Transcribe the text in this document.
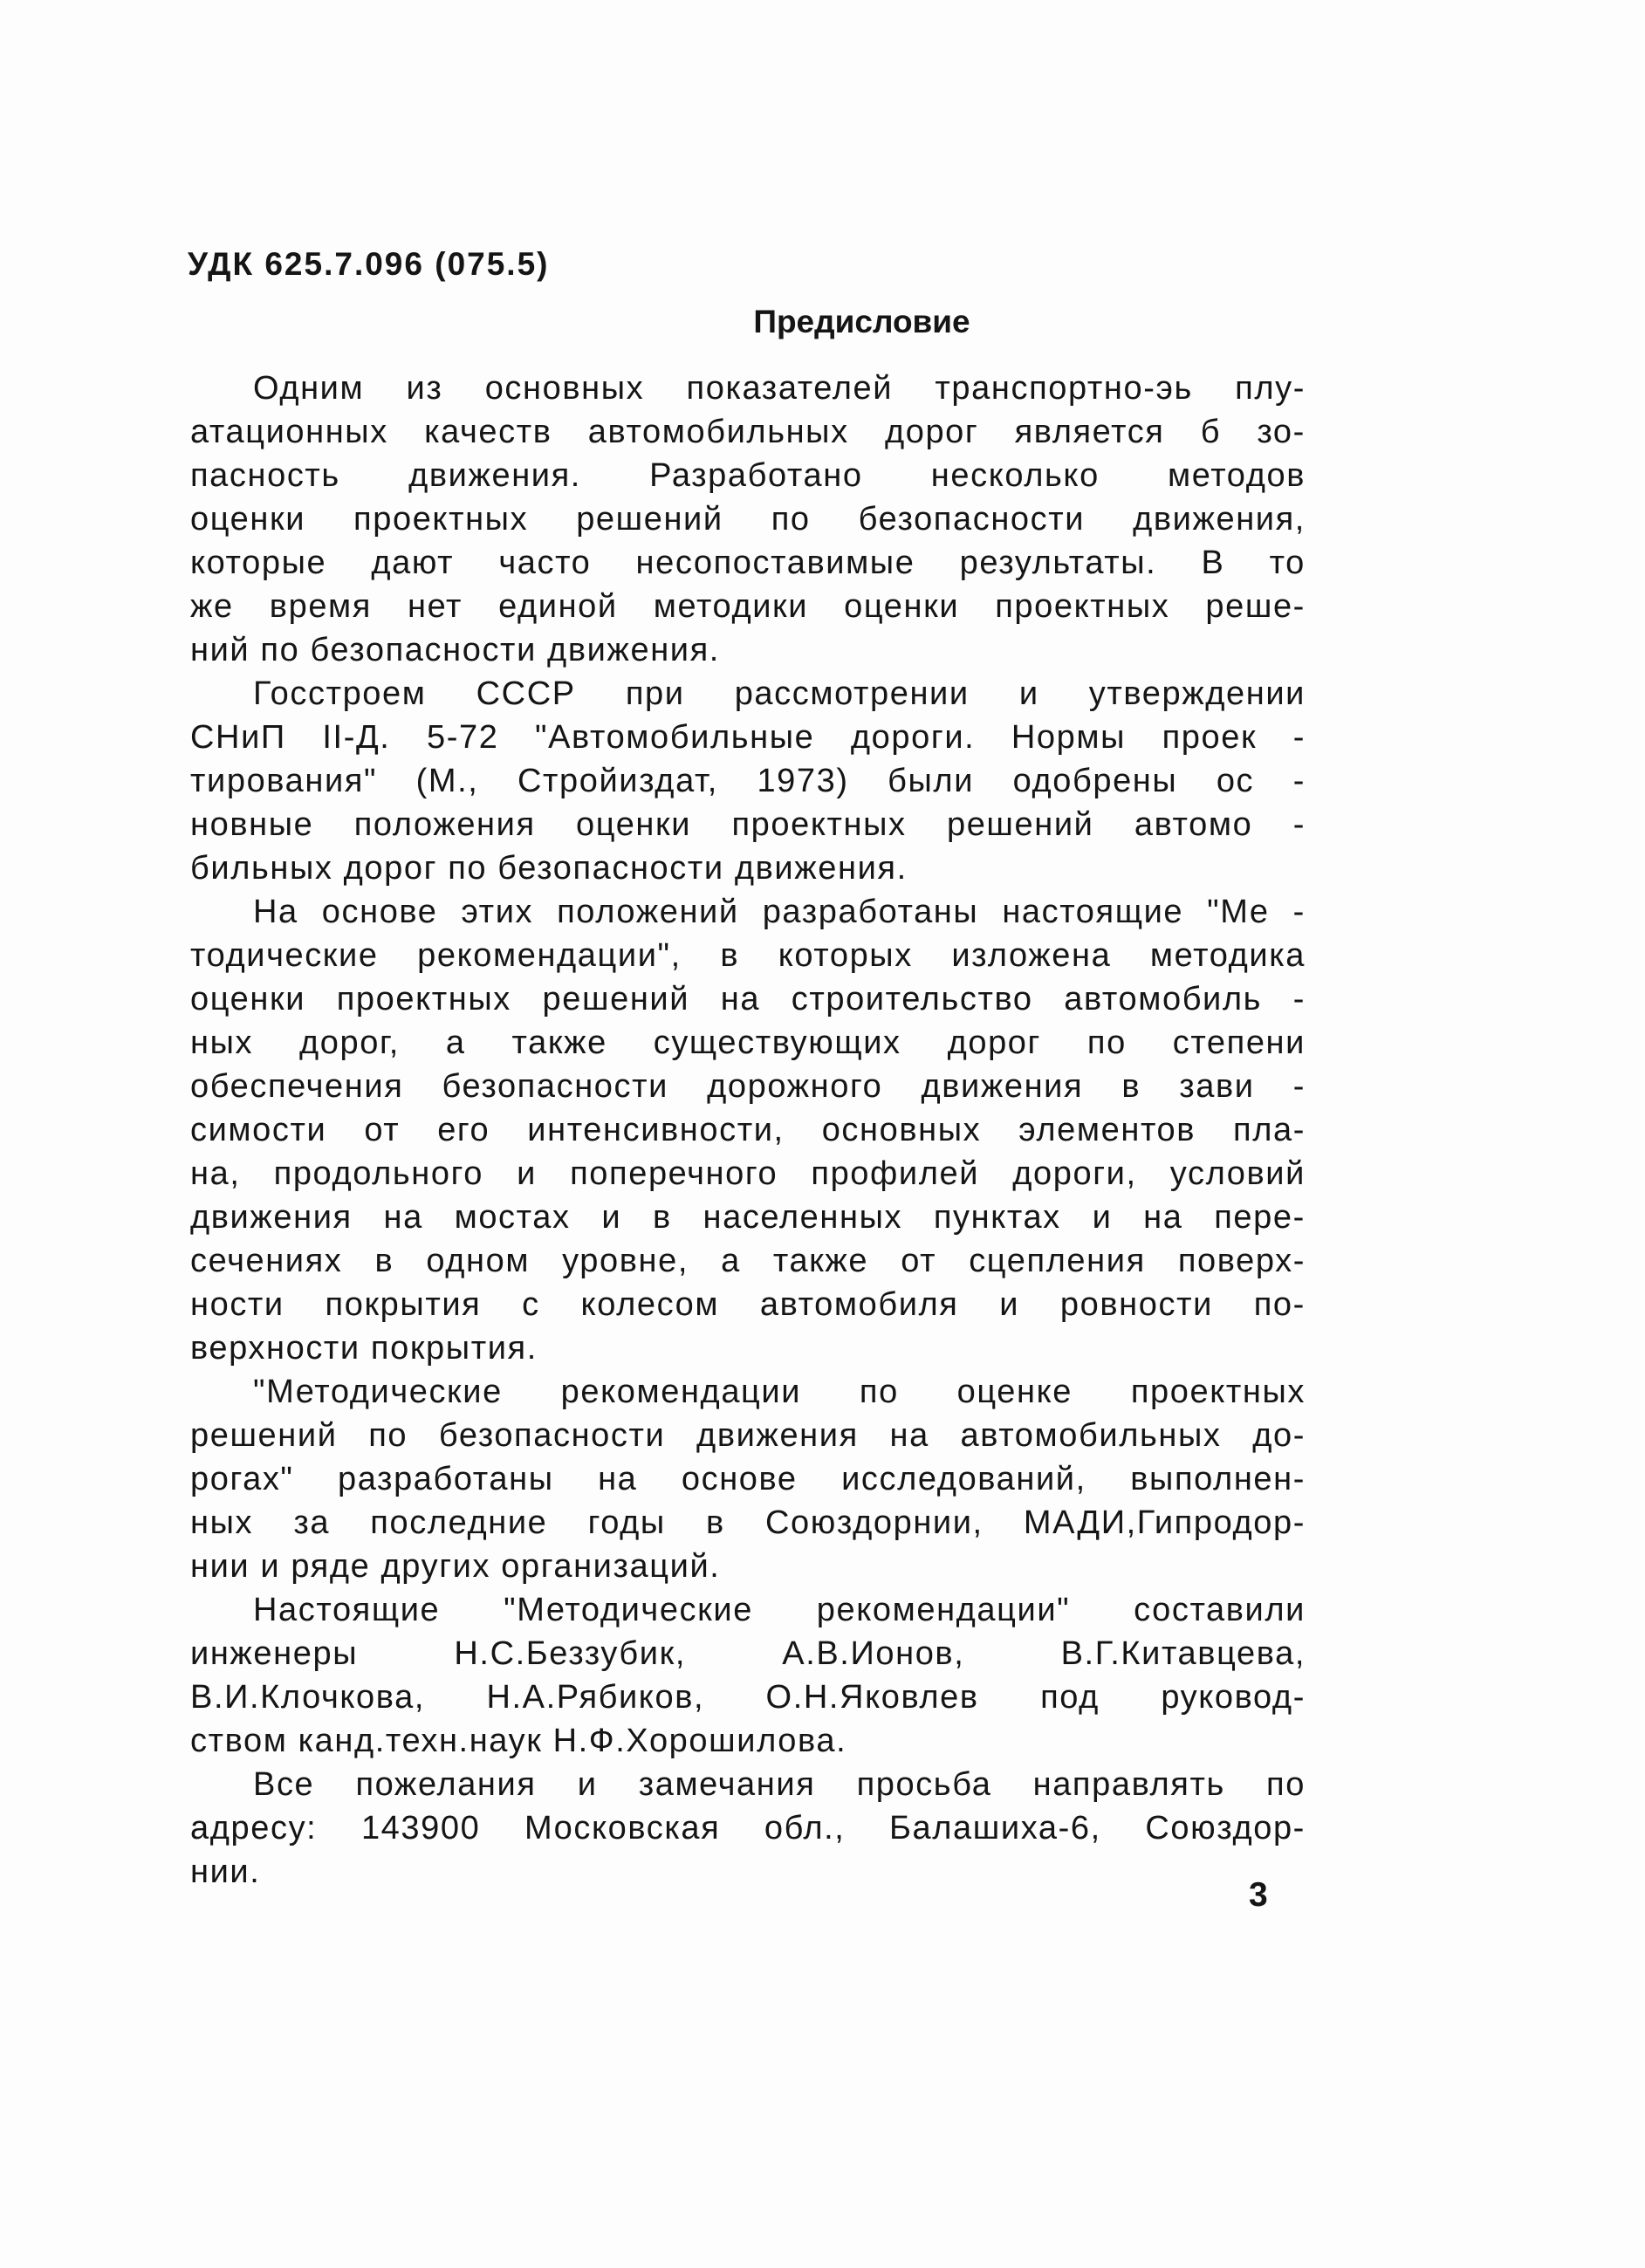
УДК 625.7.096 (075.5)
Предисловие
Одним из основных показателей транспортно-эь плу-
атационных качеств автомобильных дорог является б зо-
пасность движения. Разработано несколько методов
оценки проектных решений по безопасности движения,
которые дают часто несопоставимые результаты. В то
же время нет единой методики оценки проектных реше-
ний по безопасности движения.
Госстроем СССР при рассмотрении и утверждении
СНиП II-Д. 5-72 "Автомобильные дороги. Нормы проек -
тирования" (М., Стройиздат, 1973) были одобрены ос -
новные положения оценки проектных решений автомо -
бильных дорог по безопасности движения.
На основе этих положений разработаны настоящие "Ме -
тодические рекомендации", в которых изложена методика
оценки проектных решений на строительство автомобиль -
ных дорог, а также существующих дорог по степени
обеспечения безопасности дорожного движения в зави -
симости от его интенсивности, основных элементов пла-
на, продольного и поперечного профилей дороги, условий
движения на мостах и в населенных пунктах и на пере-
сечениях в одном уровне, а также от сцепления поверх-
ности покрытия с колесом автомобиля и ровности по-
верхности покрытия.
"Методические рекомендации по оценке проектных
решений по безопасности движения на автомобильных до-
рогах" разработаны на основе исследований, выполнен-
ных за последние годы в Союздорнии, МАДИ,Гипродор-
нии и ряде других организаций.
Настоящие "Методические рекомендации" составили
инженеры	Н.С.Беззубик,	А.В.Ионов,	В.Г.Китавцева,
В.И.Клочкова, Н.А.Рябиков, О.Н.Яковлев под руковод-
ством канд.техн.наук Н.Ф.Хорошилова.
Все пожелания и замечания просьба направлять по
адресу: 143900 Московская обл., Балашиха-6, Союздор-
нии.
3
